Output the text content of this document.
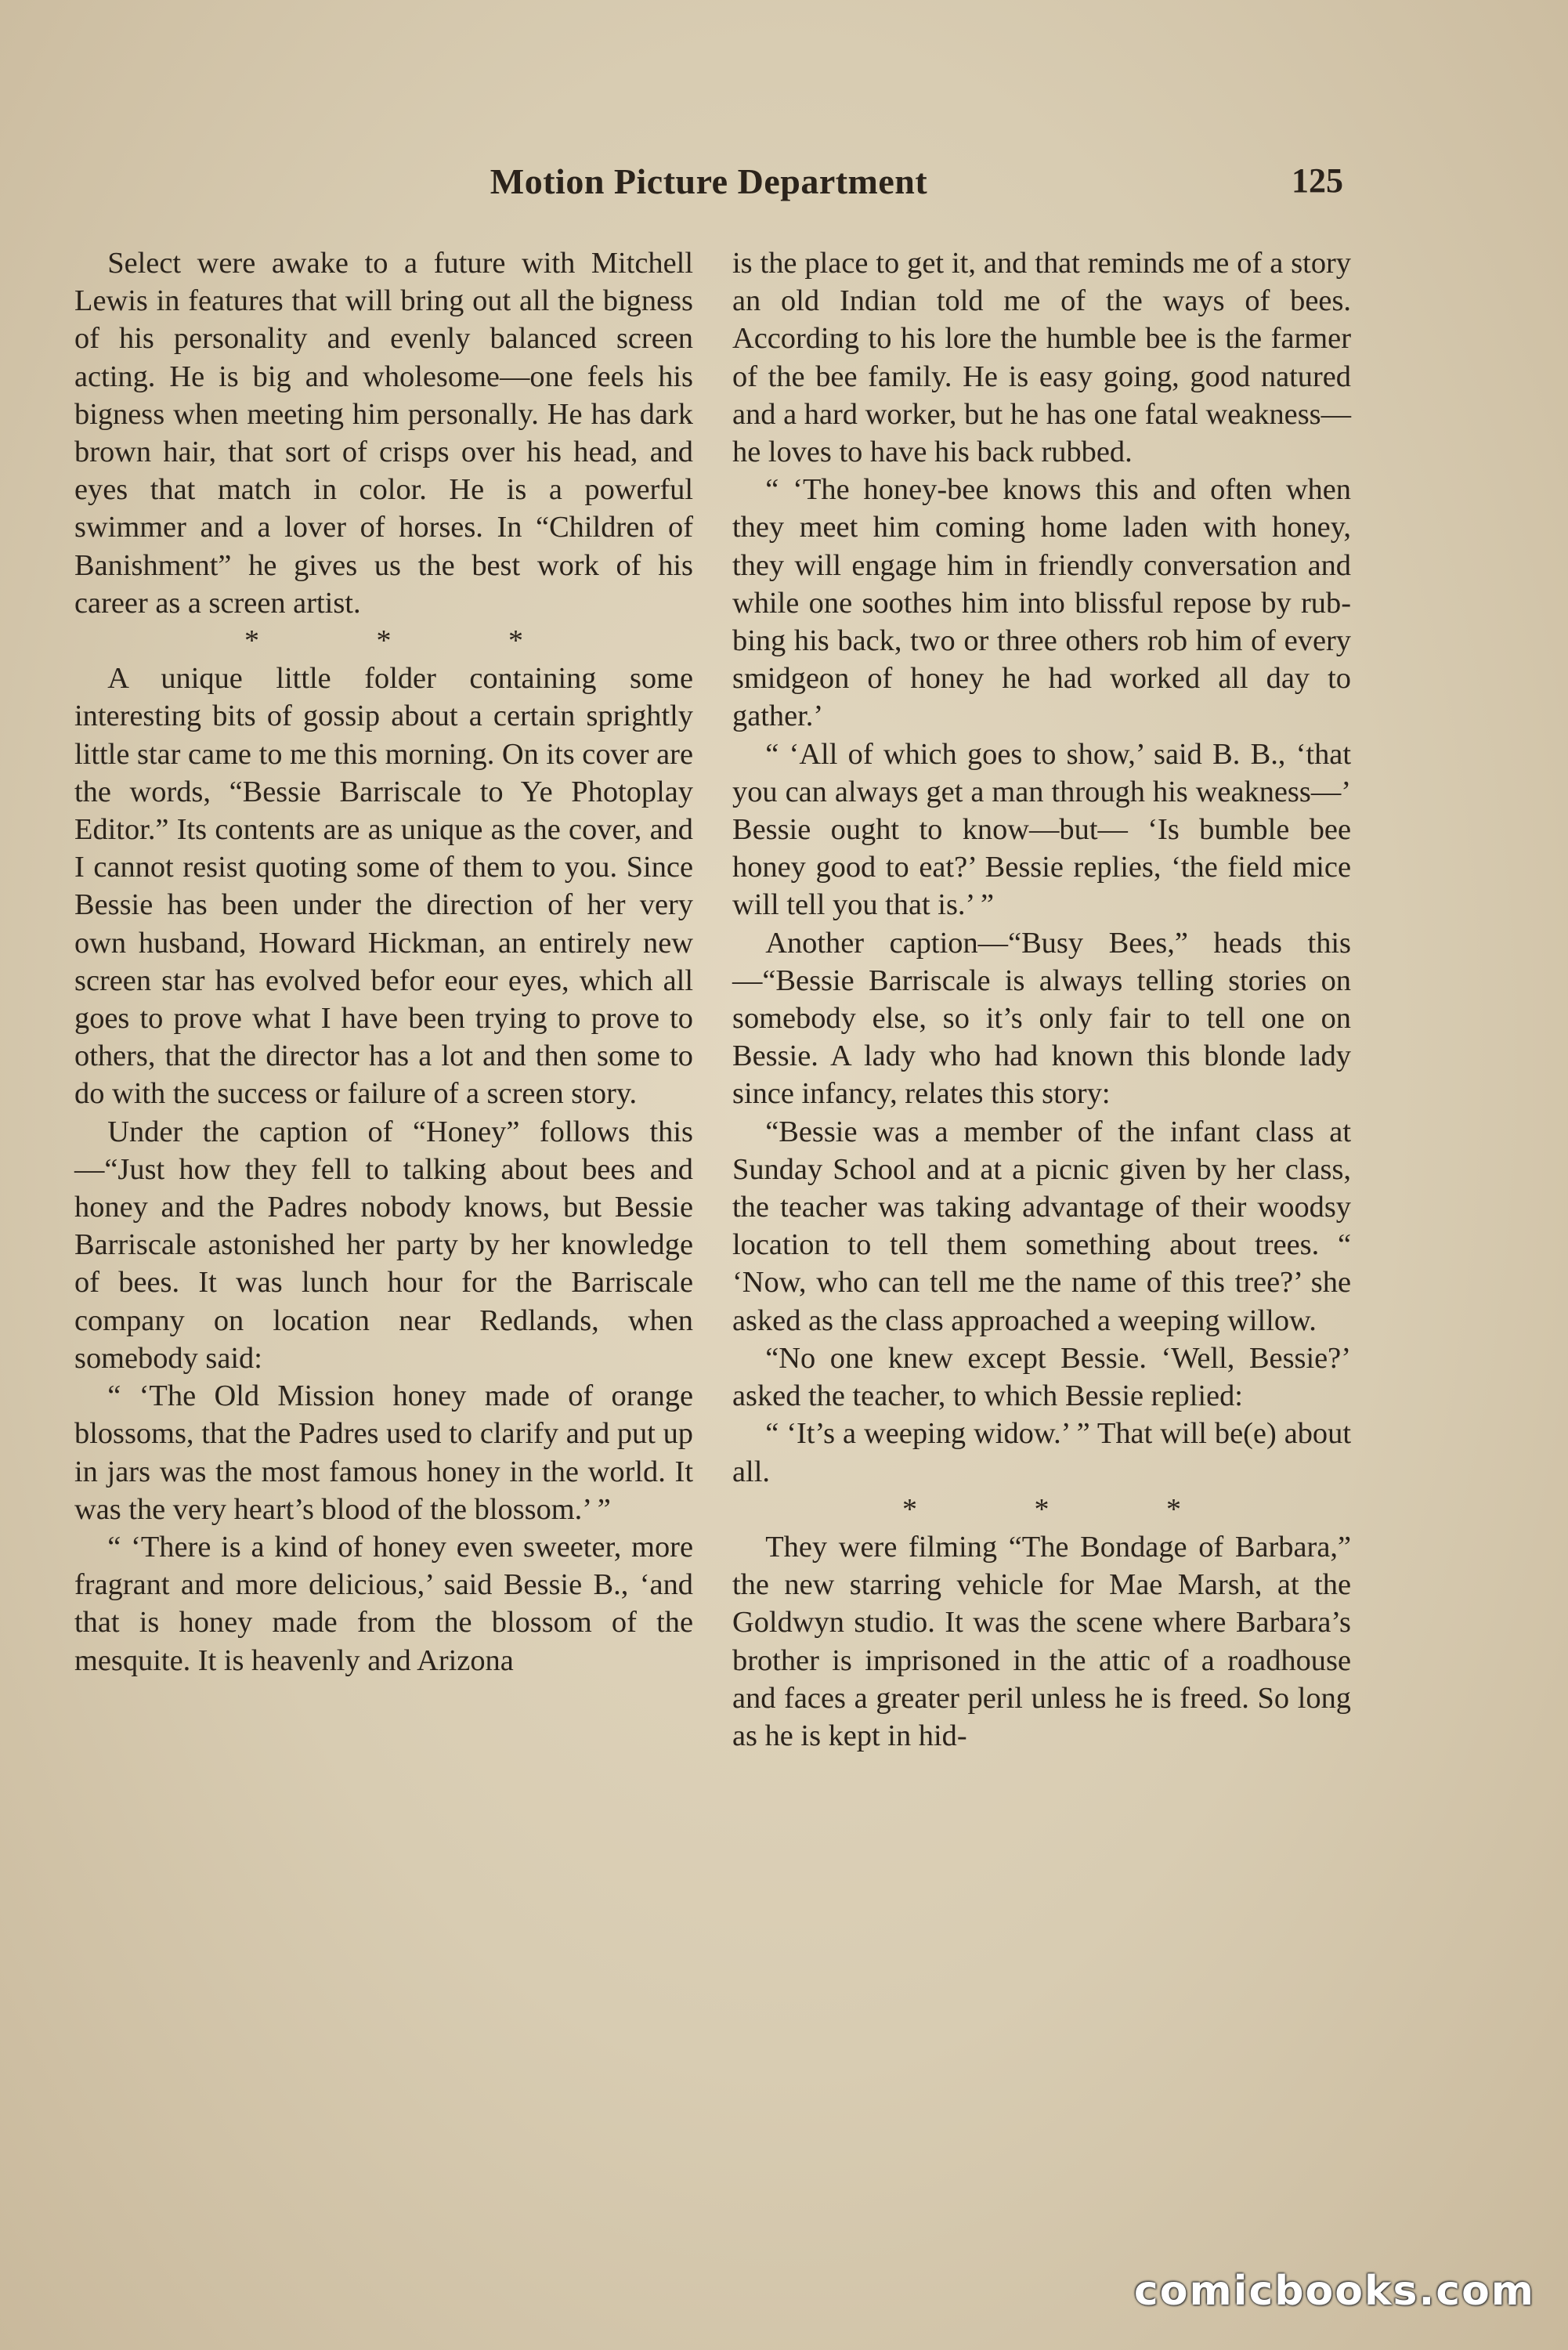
Motion Picture Department	125

Select were awake to a future with Mitchell Lewis in features that will bring out all the bigness of his personality and evenly balanced screen acting. He is big and wholesome—one feels his bigness when meeting him personally. He has dark brown hair, that sort of crisps over his head, and eyes that match in color. He is a powerful swimmer and a lover of horses. In “Children of Banishment” he gives us the best work of his career as a screen artist.

* * *

A unique little folder containing some interesting bits of gossip about a certain sprightly little star came to me this morning. On its cover are the words, “Bessie Barriscale to Ye Photoplay Editor.” Its contents are as unique as the cover, and I cannot resist quoting some of them to you. Since Bessie has been under the direction of her very own husband, Howard Hickman, an entirely new screen star has evolved befor eour eyes, which all goes to prove what I have been trying to prove to others, that the director has a lot and then some to do with the success or failure of a screen story.

Under the caption of “Honey” follows this—“Just how they fell to talking about bees and honey and the Padres nobody knows, but Bessie Barriscale astonished her party by her knowledge of bees. It was lunch hour for the Barriscale company on location near Redlands, when somebody said:

“ ‘The Old Mission honey made of orange blossoms, that the Padres used to clarify and put up in jars was the most famous honey in the world. It was the very heart’s blood of the blossom.’ ”

“ ‘There is a kind of honey even sweeter, more fragrant and more delicious,’ said Bessie B., ‘and that is honey made from the blossom of the mesquite. It is heavenly and Arizona

is the place to get it, and that reminds me of a story an old Indian told me of the ways of bees. According to his lore the humble bee is the farmer of the bee family. He is easy going, good natured and a hard worker, but he has one fatal weakness—he loves to have his back rubbed.

“ ‘The honey-bee knows this and often when they meet him coming home laden with honey, they will engage him in friendly conversation and while one soothes him into blissful repose by rubbing his back, two or three others rob him of every smidgeon of honey he had worked all day to gather.’

“ ‘All of which goes to show,’ said B. B., ‘that you can always get a man through his weakness—’ Bessie ought to know—but— ‘Is bumble bee honey good to eat?’ Bessie replies, ‘the field mice will tell you that is.’ ”

Another caption—“Busy Bees,” heads this—“Bessie Barriscale is always telling stories on somebody else, so it’s only fair to tell one on Bessie. A lady who had known this blonde lady since infancy, relates this story:

“Bessie was a member of the infant class at Sunday School and at a picnic given by her class, the teacher was taking advantage of their woodsy location to tell them something about trees. “ ‘Now, who can tell me the name of this tree?’ she asked as the class approached a weeping willow.

“No one knew except Bessie. ‘Well, Bessie?’ asked the teacher, to which Bessie replied:

“ ‘It’s a weeping widow.’ ” That will be(e) about all.

* * *

They were filming “The Bondage of Barbara,” the new starring vehicle for Mae Marsh, at the Goldwyn studio. It was the scene where Barbara’s brother is imprisoned in the attic of a roadhouse and faces a greater peril unless he is freed. So long as he is kept in hid-

comicbooks.com
